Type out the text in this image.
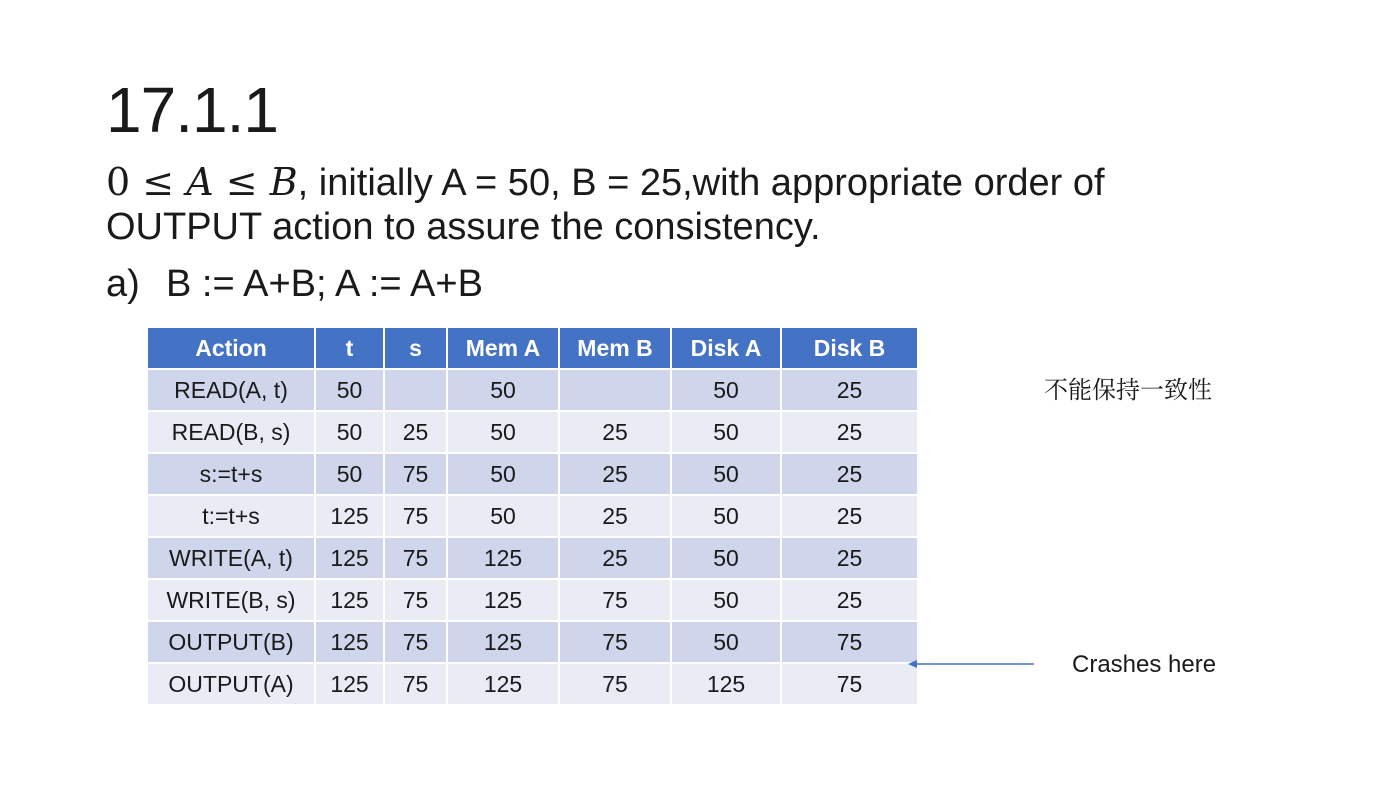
17.1.1
0 ≤ A ≤ B, initially A = 50, B = 25,with appropriate order of
OUTPUT action to assure the consistency.
a) B := A+B; A := A+B
Action	t	s	Mem A	Mem B	Disk A	Disk B
READ(A, t)	50		50		50	25
READ(B, s)	50	25	50	25	50	25
s:=t+s	50	75	50	25	50	25
t:=t+s	125	75	50	25	50	25
WRITE(A, t)	125	75	125	25	50	25
WRITE(B, s)	125	75	125	75	50	25
OUTPUT(B)	125	75	125	75	50	75
OUTPUT(A)	125	75	125	75	125	75
不能保持一致性
Crashes here
